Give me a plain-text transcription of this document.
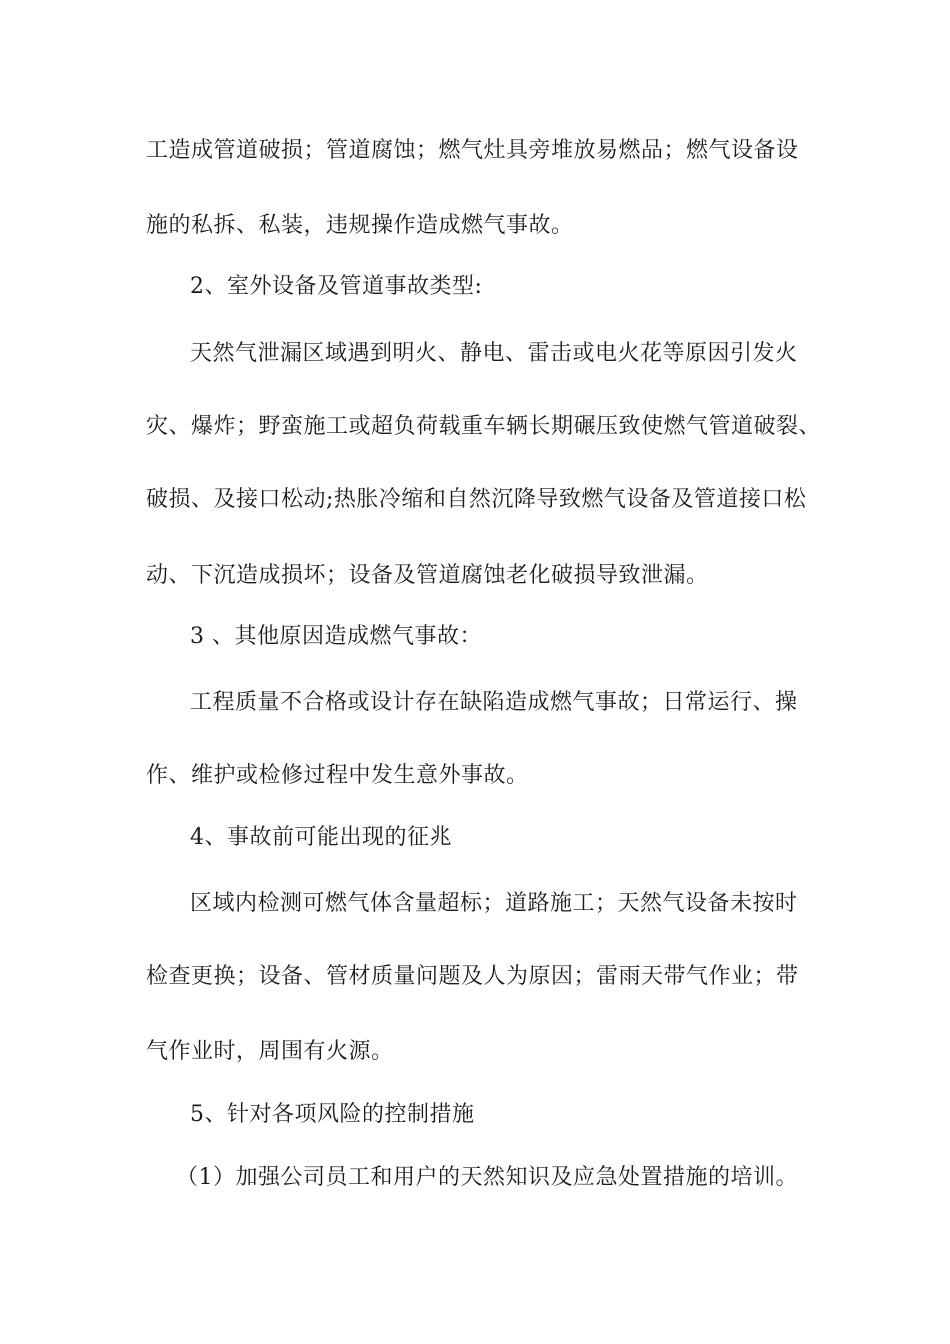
工造成管道破损；管道腐蚀；燃气灶具旁堆放易燃品；燃气设备设
施的私拆、私装，违规操作造成燃气事故。
2、室外设备及管道事故类型:
天然气泄漏区域遇到明火、静电、雷击或电火花等原因引发火
灾、爆炸；野蛮施工或超负荷载重车辆长期碾压致使燃气管道破裂、
破损、及接口松动;热胀冷缩和自然沉降导致燃气设备及管道接口松
动、下沉造成损坏；设备及管道腐蚀老化破损导致泄漏。
3 、其他原因造成燃气事故：
工程质量不合格或设计存在缺陷造成燃气事故；日常运行、操
作、维护或检修过程中发生意外事故。
4、事故前可能出现的征兆
区域内检测可燃气体含量超标；道路施工；天然气设备未按时
检查更换；设备、管材质量问题及人为原因；雷雨天带气作业；带
气作业时，周围有火源。
5、针对各项风险的控制措施
（1）加强公司员工和用户的天然知识及应急处置措施的培训。
